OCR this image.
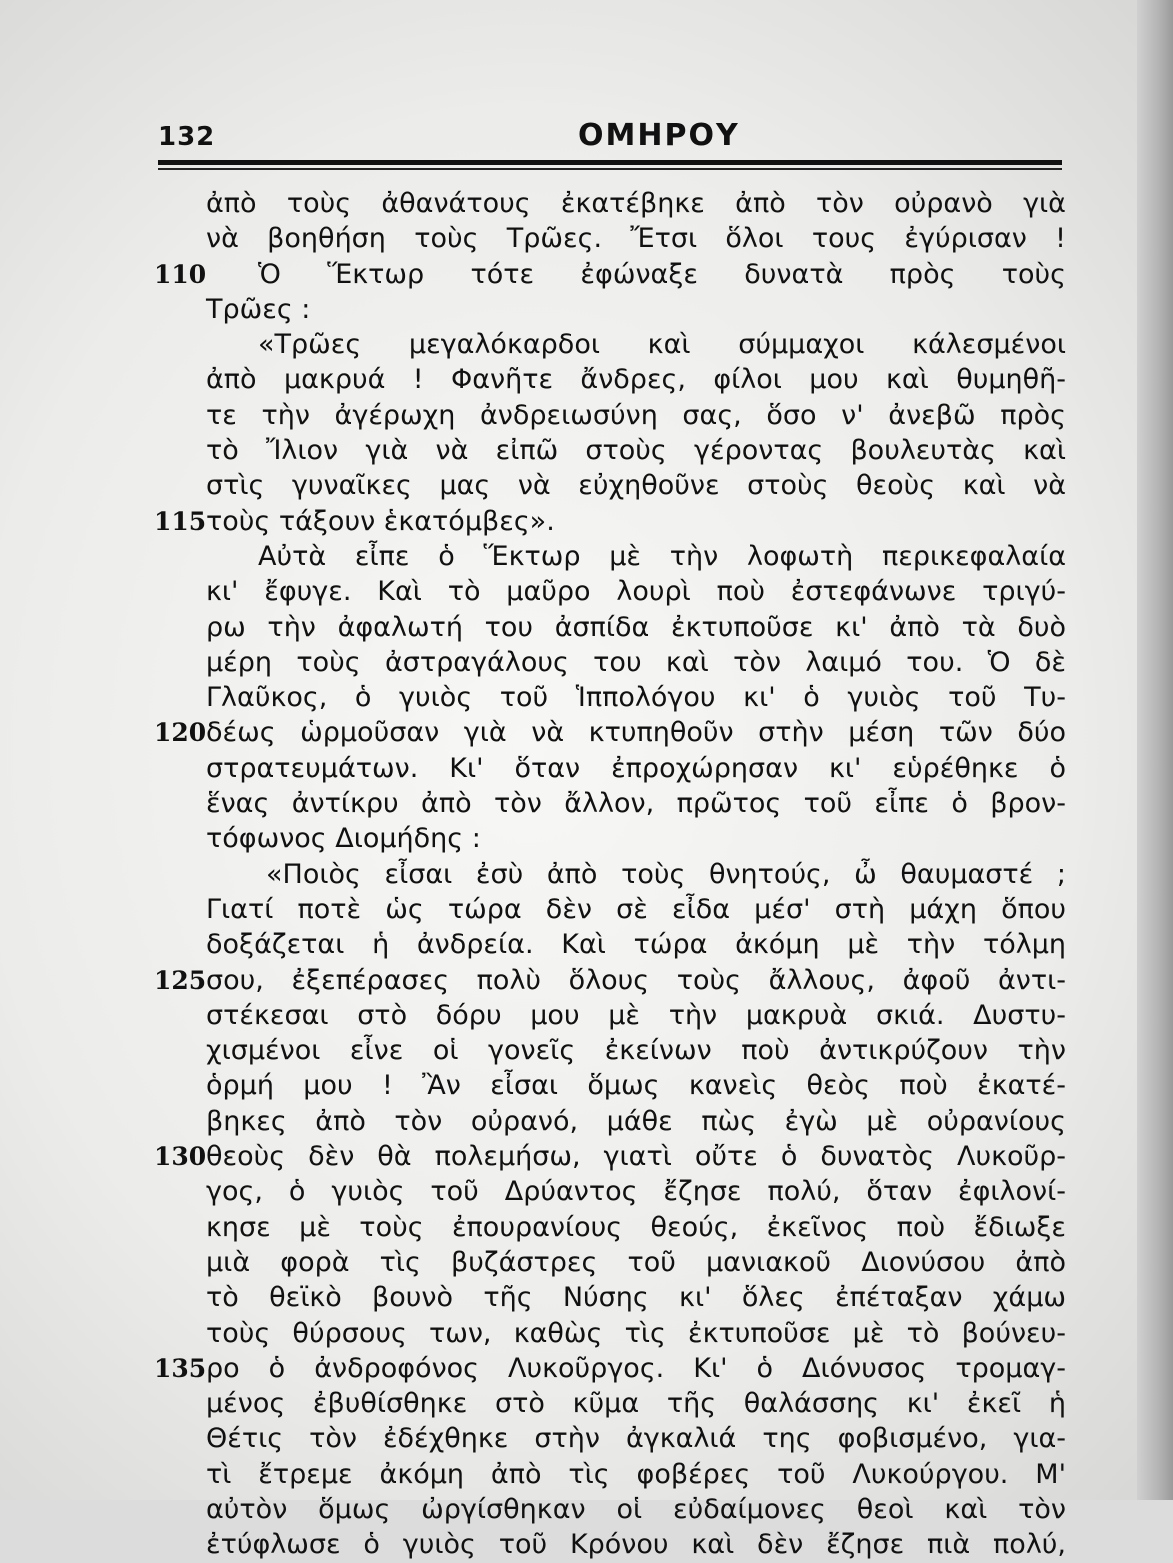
132	ΟΜΗΡΟΥ
ἀπὸ τοὺς ἀθανάτους ἐκατέβηκε ἀπὸ τὸν οὐρανὸ γιὰ
νὰ βοηθήση τοὺς Τρῶες. Ἔτσι ὅλοι τους ἐγύρισαν !
110 Ὁ Ἕκτωρ τότε ἐφώναξε δυνατὰ πρὸς τοὺς
Τρῶες :
«Τρῶες μεγαλόκαρδοι καὶ σύμμαχοι κάλεσμένοι
ἀπὸ μακρυά ! Φανῆτε ἄνδρες, φίλοι μου καὶ θυμηθῆ-
τε τὴν ἀγέρωχη ἀνδρειωσύνη σας, ὅσο ν' ἀνεβῶ πρὸς
τὸ Ἴλιον γιὰ νὰ εἰπῶ στοὺς γέροντας βουλευτὰς καὶ
στὶς γυναῖκες μας νὰ εὐχηθοῦνε στοὺς θεοὺς καὶ νὰ
115 τοὺς τάξουν ἑκατόμβες».
Αὐτὰ εἶπε ὁ Ἕκτωρ μὲ τὴν λοφωτὴ περικεφαλαία
κι' ἔφυγε. Καὶ τὸ μαῦρο λουρὶ ποὺ ἐστεφάνωνε τριγύ-
ρω τὴν ἀφαλωτή του ἀσπίδα ἐκτυποῦσε κι' ἀπὸ τὰ δυὸ
μέρη τοὺς ἀστραγάλους του καὶ τὸν λαιμό του. Ὁ δὲ
Γλαῦκος, ὁ γυιὸς τοῦ Ἱππολόγου κι' ὁ γυιὸς τοῦ Τυ-
120 δέως ὡρμοῦσαν γιὰ νὰ κτυπηθοῦν στὴν μέση τῶν δύο
στρατευμάτων. Κι' ὅταν ἐπροχώρησαν κι' εὑρέθηκε ὁ
ἕνας ἀντίκρυ ἀπὸ τὸν ἄλλον, πρῶτος τοῦ εἶπε ὁ βρον-
τόφωνος Διομήδης :
«Ποιὸς εἶσαι ἐσὺ ἀπὸ τοὺς θνητούς, ὦ θαυμαστέ ;
Γιατί ποτὲ ὡς τώρα δὲν σὲ εἶδα μέσ' στὴ μάχη ὅπου
δοξάζεται ἡ ἀνδρεία. Καὶ τώρα ἀκόμη μὲ τὴν τόλμη
125 σου, ἐξεπέρασες πολὺ ὅλους τοὺς ἄλλους, ἀφοῦ ἀντι-
στέκεσαι στὸ δόρυ μου μὲ τὴν μακρυὰ σκιά. Δυστυ-
χισμένοι εἶνε οἱ γονεῖς ἐκείνων ποὺ ἀντικρύζουν τὴν
ὁρμή μου ! Ἂν εἶσαι ὅμως κανεὶς θεὸς ποὺ ἐκατέ-
βηκες ἀπὸ τὸν οὐρανό, μάθε πὼς ἐγὼ μὲ οὐρανίους
130 θεοὺς δὲν θὰ πολεμήσω, γιατὶ οὔτε ὁ δυνατὸς Λυκοῦρ-
γος, ὁ γυιὸς τοῦ Δρύαντος ἔζησε πολύ, ὅταν ἐφιλονί-
κησε μὲ τοὺς ἐπουρανίους θεούς, ἐκεῖνος ποὺ ἔδιωξε
μιὰ φορὰ τὶς βυζάστρες τοῦ μανιακοῦ Διονύσου ἀπὸ
τὸ θεϊκὸ βουνὸ τῆς Νύσης κι' ὅλες ἐπέταξαν χάμω
τοὺς θύρσους των, καθὼς τὶς ἐκτυποῦσε μὲ τὸ βούνευ-
135 ρο ὁ ἀνδροφόνος Λυκοῦργος. Κι' ὁ Διόνυσος τρομαγ-
μένος ἐβυθίσθηκε στὸ κῦμα τῆς θαλάσσης κι' ἐκεῖ ἡ
Θέτις τὸν ἐδέχθηκε στὴν ἀγκαλιά της φοβισμένο, για-
τὶ ἔτρεμε ἀκόμη ἀπὸ τὶς φοβέρες τοῦ Λυκούργου. Μ'
αὐτὸν ὅμως ὠργίσθηκαν οἱ εὐδαίμονες θεοὶ καὶ τὸν
ἐτύφλωσε ὁ γυιὸς τοῦ Κρόνου καὶ δὲν ἔζησε πιὰ πολύ,
